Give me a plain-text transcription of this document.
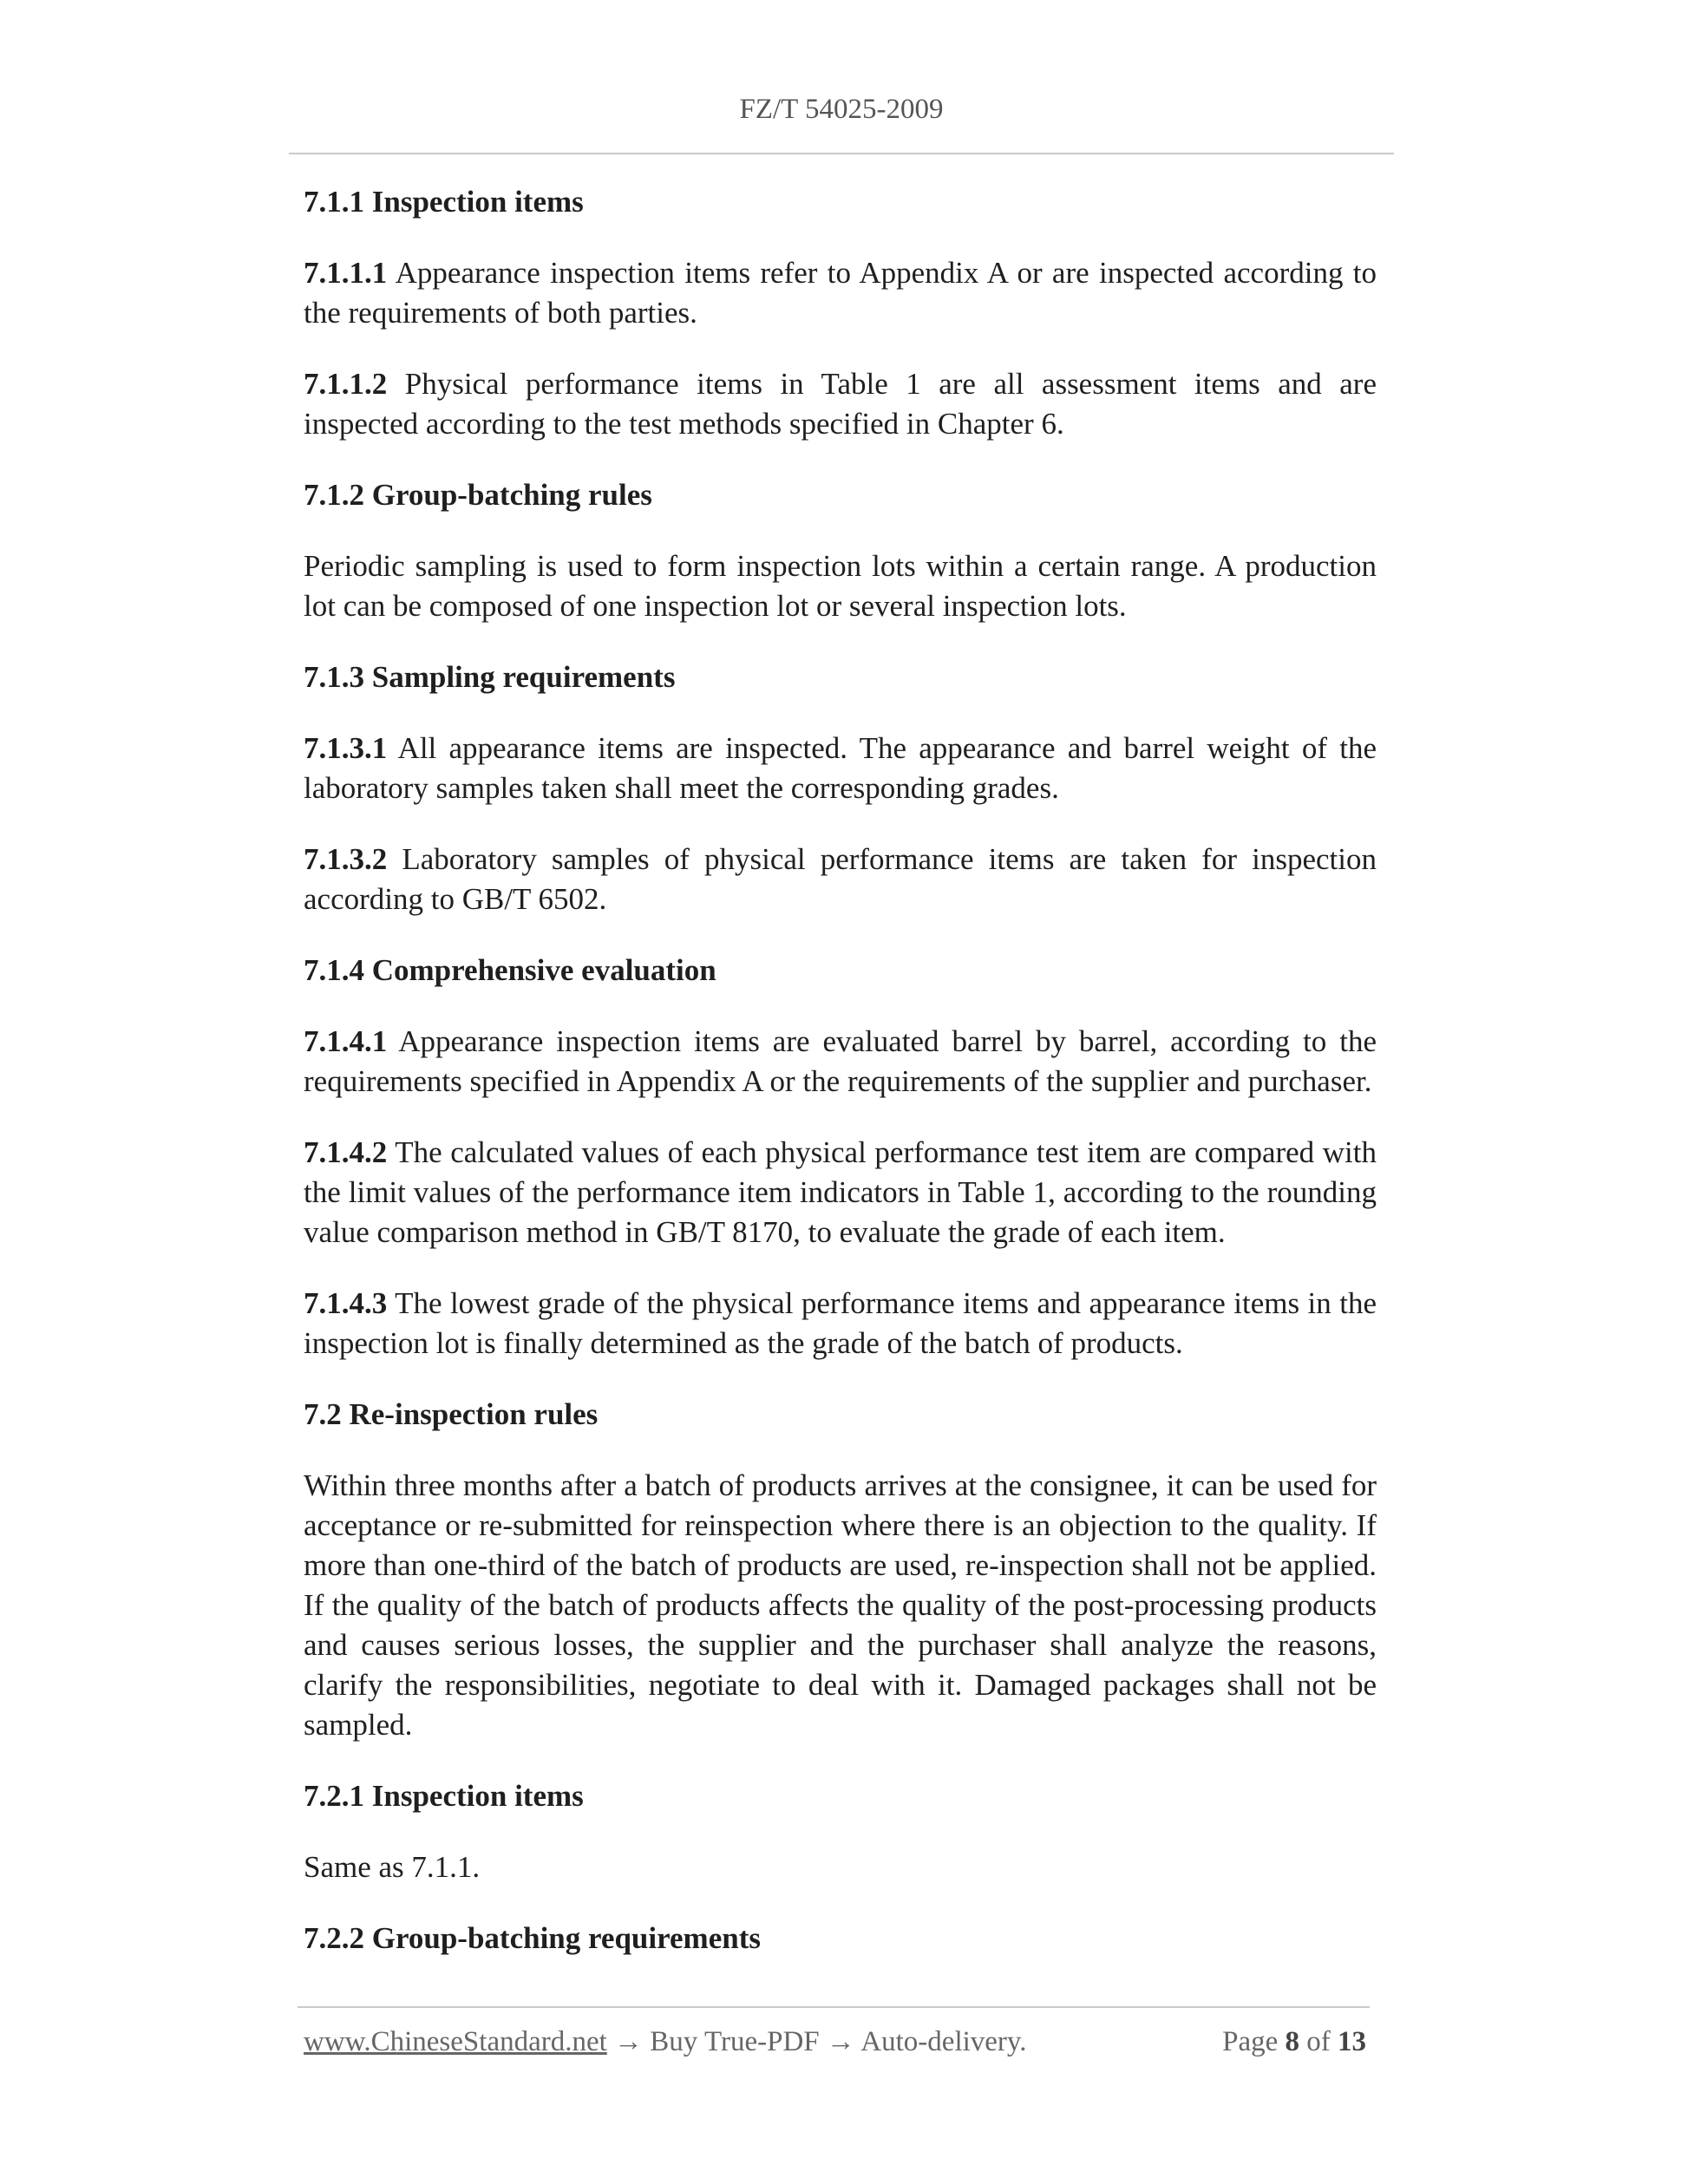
FZ/T 54025-2009

7.1.1 Inspection items

7.1.1.1 Appearance inspection items refer to Appendix A or are inspected according to the requirements of both parties.

7.1.1.2 Physical performance items in Table 1 are all assessment items and are inspected according to the test methods specified in Chapter 6.

7.1.2 Group-batching rules

Periodic sampling is used to form inspection lots within a certain range. A production lot can be composed of one inspection lot or several inspection lots.

7.1.3 Sampling requirements

7.1.3.1 All appearance items are inspected. The appearance and barrel weight of the laboratory samples taken shall meet the corresponding grades.

7.1.3.2 Laboratory samples of physical performance items are taken for inspection according to GB/T 6502.

7.1.4 Comprehensive evaluation

7.1.4.1 Appearance inspection items are evaluated barrel by barrel, according to the requirements specified in Appendix A or the requirements of the supplier and purchaser.

7.1.4.2 The calculated values of each physical performance test item are compared with the limit values of the performance item indicators in Table 1, according to the rounding value comparison method in GB/T 8170, to evaluate the grade of each item.

7.1.4.3 The lowest grade of the physical performance items and appearance items in the inspection lot is finally determined as the grade of the batch of products.

7.2 Re-inspection rules

Within three months after a batch of products arrives at the consignee, it can be used for acceptance or re-submitted for reinspection where there is an objection to the quality. If more than one-third of the batch of products are used, re-inspection shall not be applied. If the quality of the batch of products affects the quality of the post-processing products and causes serious losses, the supplier and the purchaser shall analyze the reasons, clarify the responsibilities, negotiate to deal with it. Damaged packages shall not be sampled.

7.2.1 Inspection items

Same as 7.1.1.

7.2.2 Group-batching requirements

www.ChineseStandard.net → Buy True-PDF → Auto-delivery.	Page 8 of 13
